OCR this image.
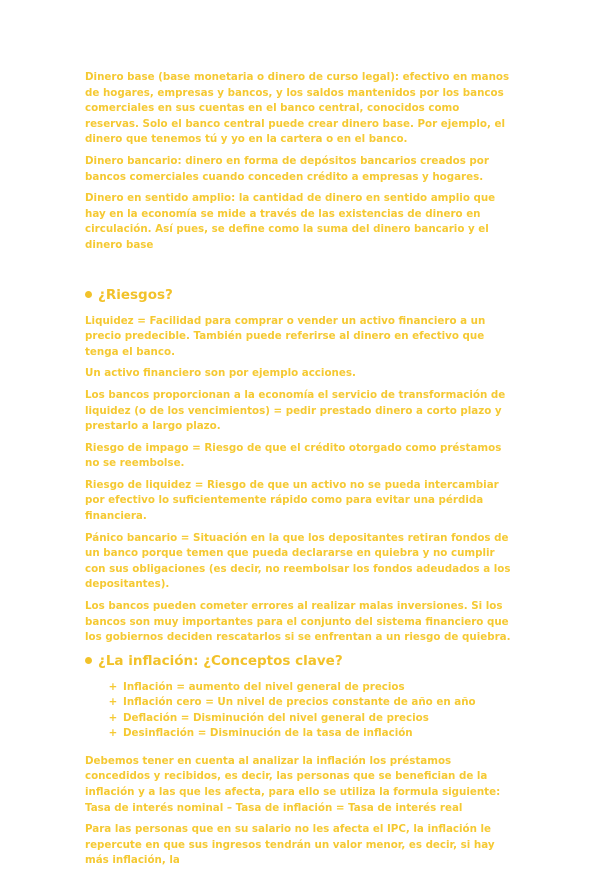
Dinero base (base monetaria o dinero de curso legal): efectivo en manos de hogares, empresas y bancos, y los saldos mantenidos por los bancos comerciales en sus cuentas en el banco central, conocidos como reservas. Solo el banco central puede crear dinero base. Por ejemplo, el dinero que tenemos tú y yo en la cartera o en el banco.

Dinero bancario: dinero en forma de depósitos bancarios creados por bancos comerciales cuando conceden crédito a empresas y hogares.

Dinero en sentido amplio: la cantidad de dinero en sentido amplio que hay en la economía se mide a través de las existencias de dinero en circulación. Así pues, se define como la suma del dinero bancario y el dinero base

¿Riesgos?

Liquidez = Facilidad para comprar o vender un activo financiero a un precio predecible. También puede referirse al dinero en efectivo que tenga el banco.

Un activo financiero son por ejemplo acciones.

Los bancos proporcionan a la economía el servicio de transformación de liquidez (o de los vencimientos) = pedir prestado dinero a corto plazo y prestarlo a largo plazo.

Riesgo de impago = Riesgo de que el crédito otorgado como préstamos no se reembolse.

Riesgo de liquidez = Riesgo de que un activo no se pueda intercambiar por efectivo lo suficientemente rápido como para evitar una pérdida financiera.

Pánico bancario = Situación en la que los depositantes retiran fondos de un banco porque temen que pueda declararse en quiebra y no cumplir con sus obligaciones (es decir, no reembolsar los fondos adeudados a los depositantes).

Los bancos pueden cometer errores al realizar malas inversiones. Si los bancos son muy importantes para el conjunto del sistema financiero que los gobiernos deciden rescatarlos si se enfrentan a un riesgo de quiebra.

¿La inflación: ¿Conceptos clave?
+ Inflación = aumento del nivel general de precios
+ Inflación cero = Un nivel de precios constante de año en año
+ Deflación = Disminución del nivel general de precios
+ Desinflación = Disminución de la tasa de inflación

Debemos tener en cuenta al analizar la inflación los préstamos concedidos y recibidos, es decir, las personas que se benefician de la inflación y a las que les afecta, para ello se utiliza la formula siguiente: Tasa de interés nominal – Tasa de inflación = Tasa de interés real

Para las personas que en su salario no les afecta el IPC, la inflación le repercute en que sus ingresos tendrán un valor menor, es decir, si hay más inflación, la
